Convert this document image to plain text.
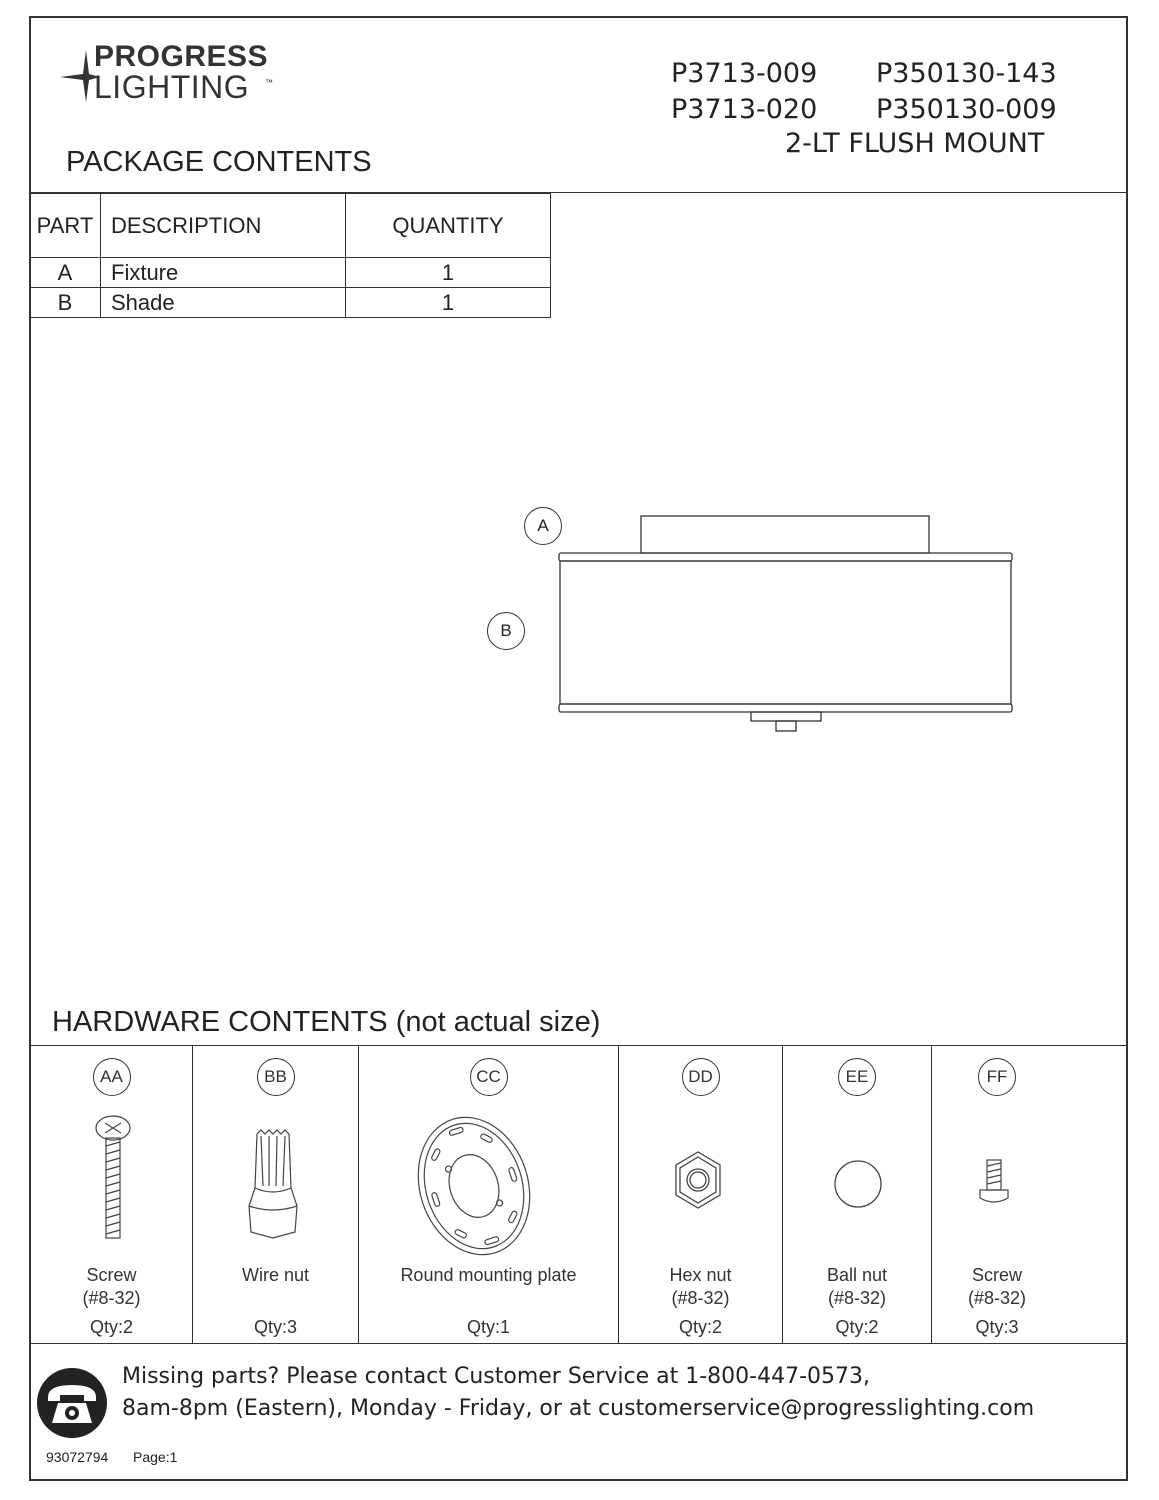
PROGRESS
LIGHTING ™	P3713-009 P350130-143
P3713-020 P350130-009
2-LT FLUSH MOUNT
PACKAGE CONTENTS
PART	DESCRIPTION	QUANTITY
A	Fixture	1
B	Shade	1
A
B
HARDWARE CONTENTS (not actual size)
AA
Screw
(#8-32)
Qty:2
BB
Wire nut
Qty:3
CC
Round mounting plate
Qty:1
DD
Hex nut
(#8-32)
Qty:2
EE
Ball nut
(#8-32)
Qty:2
FF
Screw
(#8-32)
Qty:3
Missing parts? Please contact Customer Service at 1-800-447-0573,
8am-8pm (Eastern), Monday - Friday, or at customerservice@progresslighting.com
93072794 Page:1
